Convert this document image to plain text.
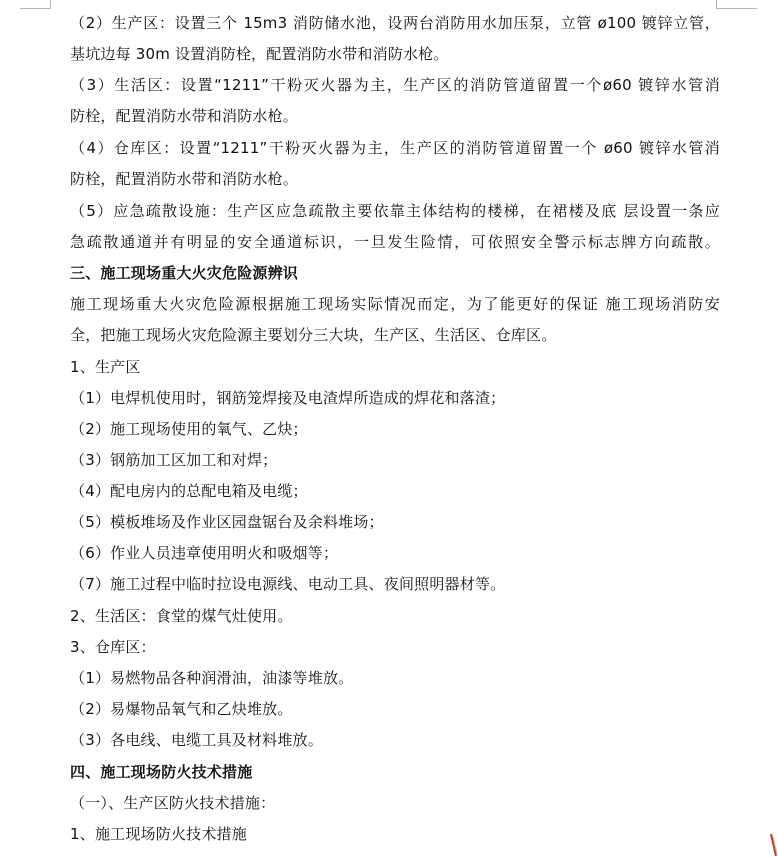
（2）生产区：设置三个 15m3 消防储水池，设两台消防用水加压泵，立管 ø100 镀锌立管，
基坑边每 30m 设置消防栓，配置消防水带和消防水枪。
（3）生活区：设置“1211”干粉灭火器为主，生产区的消防管道留置一个ø60 镀锌水管消
防栓，配置消防水带和消防水枪。
（4）仓库区：设置“1211”干粉灭火器为主，生产区的消防管道留置一个 ø60 镀锌水管消
防栓，配置消防水带和消防水枪。
（5）应急疏散设施：生产区应急疏散主要依靠主体结构的楼梯，在裙楼及底 层设置一条应
急疏散通道并有明显的安全通道标识，一旦发生险情，可依照安全警示标志牌方向疏散。
三、施工现场重大火灾危险源辨识
施工现场重大火灾危险源根据施工现场实际情况而定，为了能更好的保证 施工现场消防安
全，把施工现场火灾危险源主要划分三大块，生产区、生活区、仓库区。
1、生产区
（1）电焊机使用时，钢筋笼焊接及电渣焊所造成的焊花和落渣；
（2）施工现场使用的氧气、乙炔；
（3）钢筋加工区加工和对焊；
（4）配电房内的总配电箱及电缆；
（5）模板堆场及作业区园盘锯台及余料堆场；
（6）作业人员违章使用明火和吸烟等；
（7）施工过程中临时拉设电源线、电动工具、夜间照明器材等。
2、生活区：食堂的煤气灶使用。
3、仓库区：
（1）易燃物品各种润滑油，油漆等堆放。
（2）易爆物品氧气和乙炔堆放。
（3）各电线、电缆工具及材料堆放。
四、施工现场防火技术措施
（一）、生产区防火技术措施：
1、施工现场防火技术措施
